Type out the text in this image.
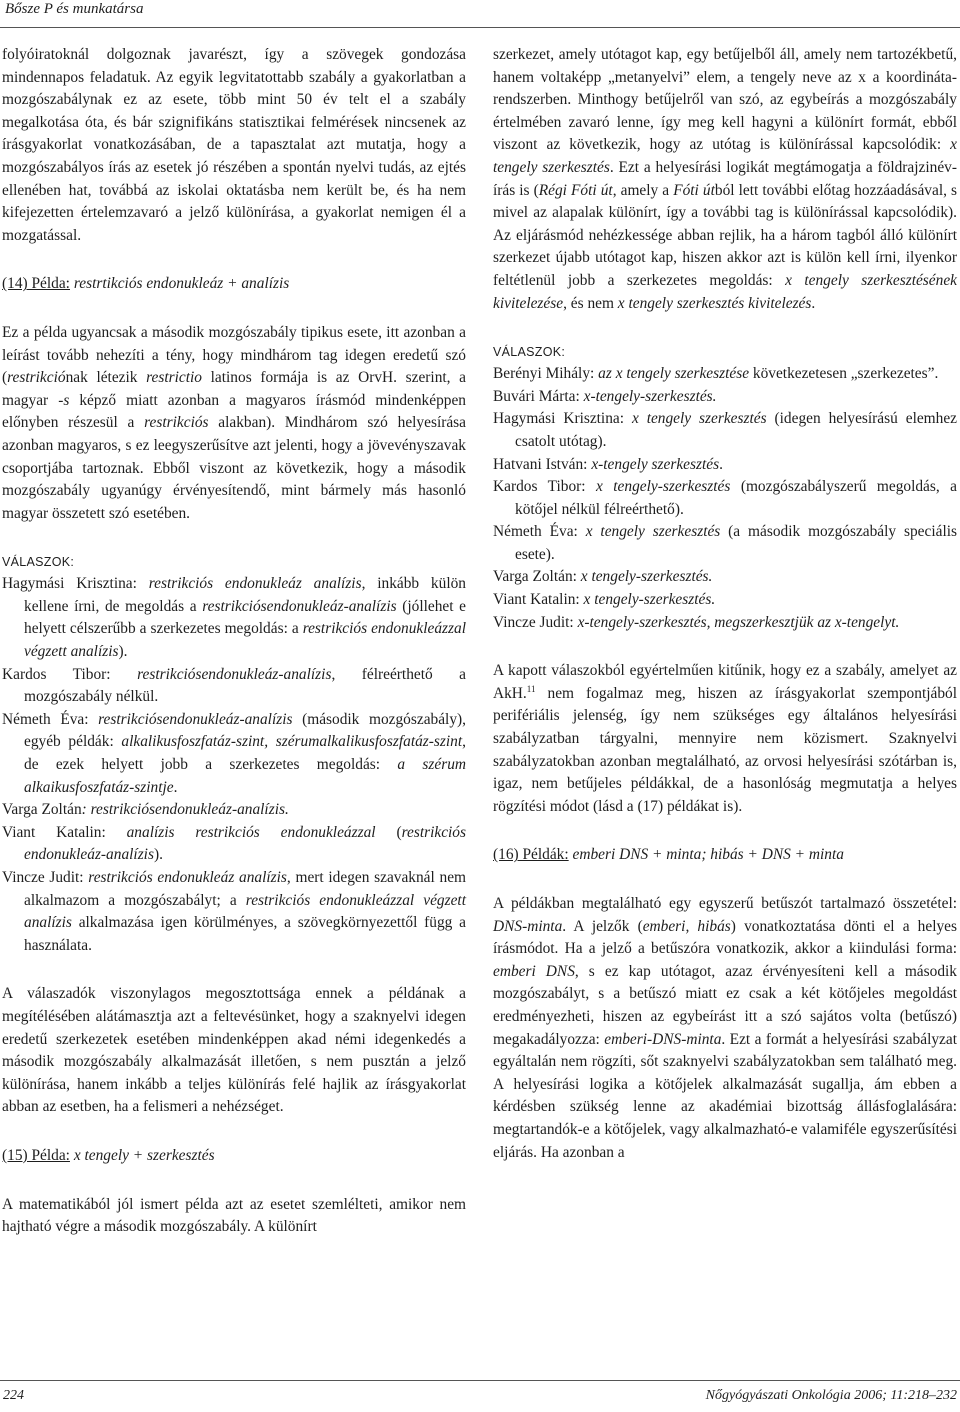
Bősze P és munkatársa

folyóiratoknál dolgoznak javarészt, így a szövegek gondozása mindennapos feladatuk. Az egyik legvitatottabb szabály a gyakorlatban a mozgószabálynak ez az esete, több mint 50 év telt el a szabály megalkotása óta, és bár szignifikáns statisztikai felmérések nincsenek az írásgyakorlat vonatkozásában, de a tapasztalat azt mutatja, hogy a mozgószabályos írás az esetek jó részében a spontán nyelvi tudás, az ejtés ellenében hat, továbbá az iskolai oktatásba nem került be, és ha nem kifejezetten értelemzavaró a jelző különírása, a gyakorlat nemigen él a mozgatással.

(14) Példa: restrtikciós endonukleáz + analízis

Ez a példa ugyancsak a második mozgószabály tipikus esete, itt azonban a leírást tovább nehezíti a tény, hogy mindhárom tag idegen eredetű szó (restrikciónak létezik restrictio latinos formája is az OrvH. szerint, a magyar -s képző miatt azonban a magyaros írásmód mindenképpen előnyben részesül a restrikciós alakban). Mindhárom szó helyesírása azonban magyaros, s ez leegyszerűsítve azt jelenti, hogy a jövevényszavak csoportjába tartoznak. Ebből viszont az következik, hogy a második mozgószabály ugyanúgy érvényesítendő, mint bármely más hasonló magyar összetett szó esetében.

VÁLASZOK:

Hagymási Krisztina: restrikciós endonukleáz analízis, inkább külön kellene írni, de megoldás a restrikciósendonukleáz-analízis (jóllehet e helyett célszerűbb a szerkezetes megoldás: a restrikciós endonukleázzal végzett analízis).

Kardos Tibor: restrikciósendonukleáz-analízis, félreérthető a mozgószabály nélkül.

Németh Éva: restrikciósendonukleáz-analízis (második mozgószabály), egyéb példák: alkalikusfoszfatáz-szint, szérumalkalikusfoszfatáz-szint, de ezek helyett jobb a szerkezetes megoldás: a szérum alkaikusfoszfatáz-szintje.

Varga Zoltán: restrikciósendonukleáz-analízis.

Viant Katalin: analízis restrikciós endonukleázzal (restrikciós endonukleáz-analízis).

Vincze Judit: restrikciós endonukleáz analízis, mert idegen szavaknál nem alkalmazom a mozgószabályt; a restrikciós endonukleázzal végzett analízis alkalmazása igen körülményes, a szövegkörnyezettől függ a használata.

A válaszadók viszonylagos megosztottsága ennek a példának a megítélésében alátámasztja azt a feltevésünket, hogy a szaknyelvi idegen eredetű szerkezetek esetében mindenképpen akad némi idegenkedés a második mozgószabály alkalmazását illetően, s nem pusztán a jelző különírása, hanem inkább a teljes különírás felé hajlik az írásgyakorlat abban az esetben, ha a felismeri a nehézséget.

(15) Példa: x tengely + szerkesztés

A matematikából jól ismert példa azt az esetet szemlélteti, amikor nem hajtható végre a második mozgószabály. A különírt

szerkezet, amely utótagot kap, egy betűjelből áll, amely nem tartozékbetű, hanem voltaképp „metanyelvi” elem, a tengely neve az x a koordináta-rendszerben. Minthogy betűjelről van szó, az egybeírás a mozgószabály értelmében zavaró lenne, így meg kell hagyni a különírt formát, ebből viszont az következik, hogy az utótag is különírással kapcsolódik: x tengely szerkesztés. Ezt a helyesírási logikát megtámogatja a földrajzinév-írás is (Régi Fóti út, amely a Fóti útból lett további előtag hozzáadásával, s mivel az alapalak különírt, így a további tag is különírással kapcsolódik). Az eljárásmód nehézkessége abban rejlik, ha a három tagból álló különírt szerkezet újabb utótagot kap, hiszen akkor azt is külön kell írni, ilyenkor feltétlenül jobb a szerkezetes megoldás: x tengely szerkesztésének kivitelezése, és nem x tengely szerkesztés kivitelezés.

VÁLASZOK:

Berényi Mihály: az x tengely szerkesztése következetesen „szerkezetes”.

Buvári Márta: x-tengely-szerkesztés.

Hagymási Krisztina: x tengely szerkesztés (idegen helyesírású elemhez csatolt utótag).

Hatvani István: x-tengely szerkesztés.

Kardos Tibor: x tengely-szerkesztés (mozgószabályszerű megoldás, a kötőjel nélkül félreérthető).

Németh Éva: x tengely szerkesztés (a második mozgószabály speciális esete).

Varga Zoltán: x tengely-szerkesztés.

Viant Katalin: x tengely-szerkesztés.

Vincze Judit: x-tengely-szerkesztés, megszerkesztjük az x-tengelyt.

A kapott válaszokból egyértelműen kitűnik, hogy ez a szabály, amelyet az AkH.$^{11}$ nem fogalmaz meg, hiszen az írásgyakorlat szempontjából perifériális jelenség, így nem szükséges egy általános helyesírási szabályzatban tárgyalni, mennyire nem közismert. Szaknyelvi szabályzatokban azonban megtalálható, az orvosi helyesírási szótárban is, igaz, nem betűjeles példákkal, de a hasonlóság megmutatja a helyes rögzítési módot (lásd a (17) példákat is).

(16) Példák: emberi DNS + minta; hibás + DNS + minta

A példákban megtalálható egy egyszerű betűszót tartalmazó összetétel: DNS-minta. A jelzők (emberi, hibás) vonatkoztatása dönti el a helyes írásmódot. Ha a jelző a betűszóra vonatkozik, akkor a kiindulási forma: emberi DNS, s ez kap utótagot, azaz érvényesíteni kell a második mozgószabályt, s a betűszó miatt ez csak a két kötőjeles megoldást eredményezheti, hiszen az egybeírást itt a szó sajátos volta (betűszó) megakadályozza: emberi-DNS-minta. Ezt a formát a helyesírási szabályzat egyáltalán nem rögzíti, sőt szaknyelvi szabályzatokban sem található meg. A helyesírási logika a kötőjelek alkalmazását sugallja, ám ebben a kérdésben szükség lenne az akadémiai bizottság állásfoglalására: megtartandók-e a kötőjelek, vagy alkalmazható-e valamiféle egyszerűsítési eljárás. Ha azonban a

224	Nőgyógyászati Onkológia 2006; 11:218–232
